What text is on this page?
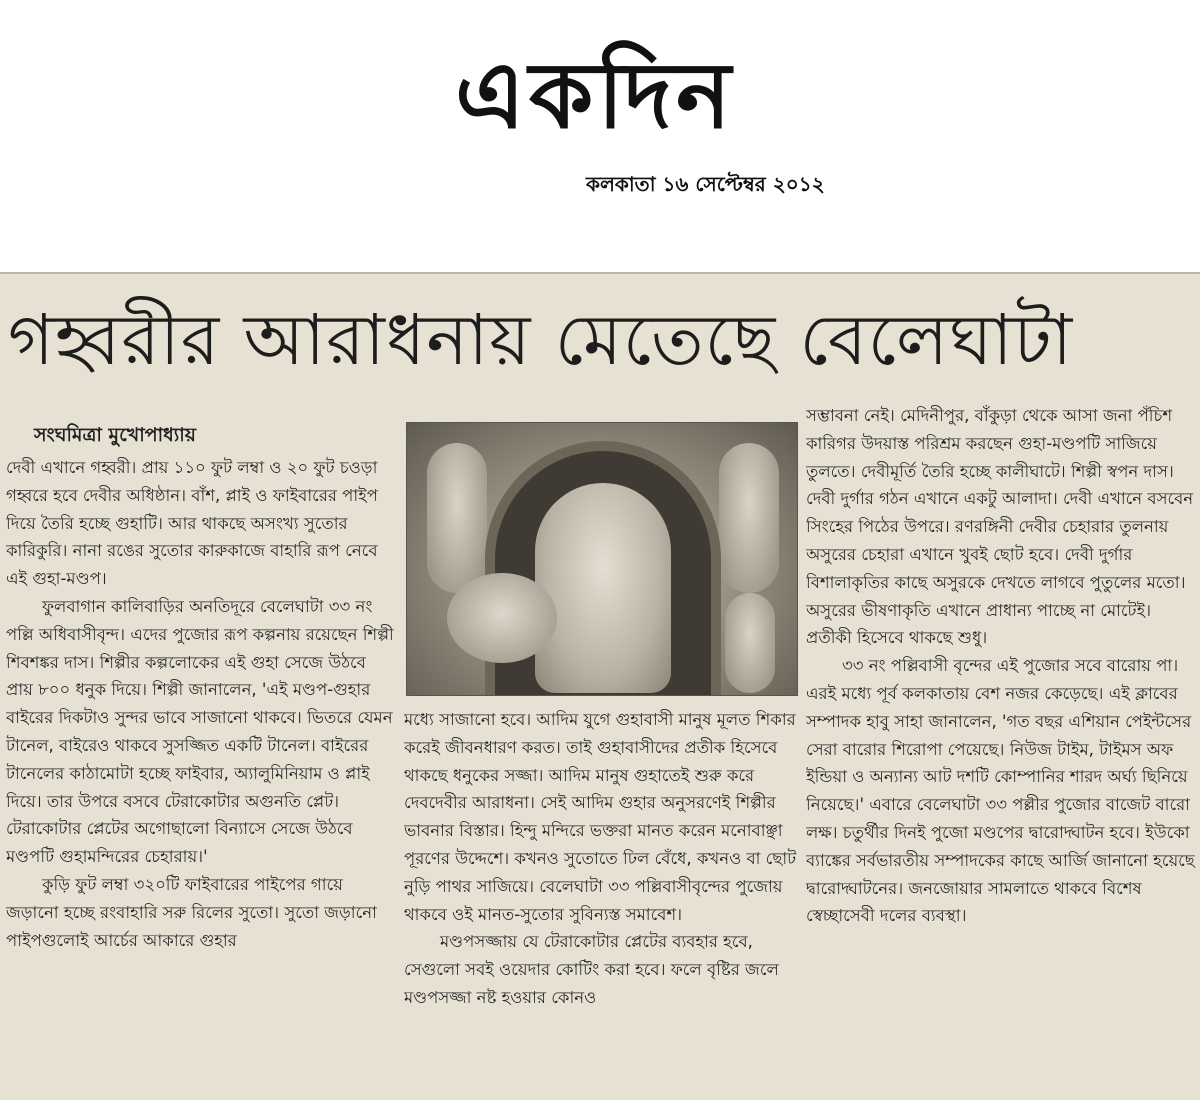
একদিন
কলকাতা ১৬ সেপ্টেম্বর ২০১২
গহ্বরীর আরাধনায় মেতেছে বেলেঘাটা
সংঘমিত্রা মুখোপাধ্যায়

দেবী এখানে গহ্বরী। প্রায় ১১০ ফুট লম্বা ও ২০ ফুট চওড়া গহ্বরে হবে দেবীর অধিষ্ঠান। বাঁশ, প্লাই ও ফাইবারের পাইপ দিয়ে তৈরি হচ্ছে গুহাটি। আর থাকছে অসংখ্য সুতোর কারিকুরি। নানা রঙের সুতোর কারুকাজে বাহারি রূপ নেবে এই গুহা-মণ্ডপ।

ফুলবাগান কালিবাড়ির অনতিদূরে বেলেঘাটা ৩৩ নং পল্লি অধিবাসীবৃন্দ। এদের পুজোর রূপ কল্পনায় রয়েছেন শিল্পী শিবশঙ্কর দাস। শিল্পীর কল্পলোকের এই গুহা সেজে উঠবে প্রায় ৮০০ ধনুক দিয়ে। শিল্পী জানালেন, 'এই মণ্ডপ-গুহার বাইরের দিকটাও সুন্দর ভাবে সাজানো থাকবে। ভিতরে যেমন টানেল, বাইরেও থাকবে সুসজ্জিত একটি টানেল। বাইরের টানেলের কাঠামোটা হচ্ছে ফাইবার, অ্যালুমিনিয়াম ও প্লাই দিয়ে। তার উপরে বসবে টেরাকোটার অগুনতি প্লেট। টেরাকোটার প্লেটের অগোছালো বিন্যাসে সেজে উঠবে মণ্ডপটি গুহামন্দিরের চেহারায়।'

কুড়ি ফুট লম্বা ৩২০টি ফাইবারের পাইপের গায়ে জড়ানো হচ্ছে রংবাহারি সরু রিলের সুতো। সুতো জড়ানো পাইপগুলোই আর্চের আকারে গুহার

মধ্যে সাজানো হবে। আদিম যুগে গুহাবাসী মানুষ মূলত শিকার করেই জীবনধারণ করত। তাই গুহাবাসীদের প্রতীক হিসেবে থাকছে ধনুকের সজ্জা। আদিম মানুষ গুহাতেই শুরু করে দেবদেবীর আরাধনা। সেই আদিম গুহার অনুসরণেই শিল্পীর ভাবনার বিস্তার। হিন্দু মন্দিরে ভক্তরা মানত করেন মনোবাঞ্ছা পূরণের উদ্দেশে। কখনও সুতোতে ঢিল বেঁধে, কখনও বা ছোট নুড়ি পাথর সাজিয়ে। বেলেঘাটা ৩৩ পল্লিবাসীবৃন্দের পুজোয় থাকবে ওই মানত-সুতোর সুবিন্যস্ত সমাবেশ।

মণ্ডপসজ্জায় যে টেরাকোটার প্লেটের ব্যবহার হবে, সেগুলো সবই ওয়েদার কোটিং করা হবে। ফলে বৃষ্টির জলে মণ্ডপসজ্জা নষ্ট হওয়ার কোনও

সম্ভাবনা নেই। মেদিনীপুর, বাঁকুড়া থেকে আসা জনা পঁচিশ কারিগর উদয়াস্ত পরিশ্রম করছেন গুহা-মণ্ডপটি সাজিয়ে তুলতে। দেবীমূর্তি তৈরি হচ্ছে কালীঘাটে। শিল্পী স্বপন দাস। দেবী দুর্গার গঠন এখানে একটু আলাদা। দেবী এখানে বসবেন সিংহের পিঠের উপরে। রণরঙ্গিনী দেবীর চেহারার তুলনায় অসুরের চেহারা এখানে খুবই ছোট হবে। দেবী দুর্গার বিশালাকৃতির কাছে অসুরকে দেখতে লাগবে পুতুলের মতো। অসুরের ভীষণাকৃতি এখানে প্রাধান্য পাচ্ছে না মোটেই। প্রতীকী হিসেবে থাকছে শুধু।

৩৩ নং পল্লিবাসী বৃন্দের এই পুজোর সবে বারোয় পা। এরই মধ্যে পূর্ব কলকাতায় বেশ নজর কেড়েছে। এই ক্লাবের সম্পাদক হাবু সাহা জানালেন, 'গত বছর এশিয়ান পেইন্টসের সেরা বারোর শিরোপা পেয়েছে। নিউজ টাইম, টাইমস অফ ইন্ডিয়া ও অন্যান্য আট দশটি কোম্পানির শারদ অর্ঘ্য ছিনিয়ে নিয়েছে।' এবারে বেলেঘাটা ৩৩ পল্লীর পুজোর বাজেট বারো লক্ষ। চতুর্থীর দিনই পুজো মণ্ডপের দ্বারোদ্ঘাটন হবে। ইউকো ব্যাঙ্কের সর্বভারতীয় সম্পাদকের কাছে আর্জি জানানো হয়েছে দ্বারোদ্ঘাটনের। জনজোয়ার সামলাতে থাকবে বিশেষ স্বেচ্ছাসেবী দলের ব্যবস্থা।
